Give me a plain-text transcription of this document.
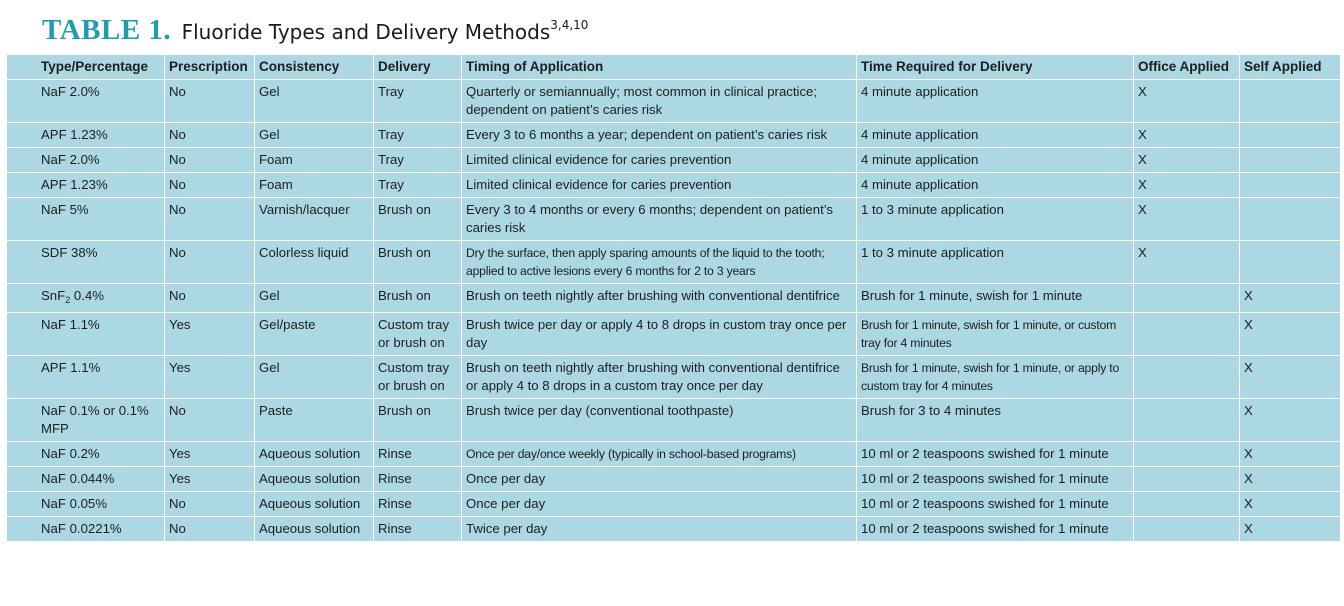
TABLE 1. Fluoride Types and Delivery Methods$^{3,4,10}$
Type/Percentage	Prescription	Consistency	Delivery	Timing of Application	Time Required for Delivery	Office Applied	Self Applied
NaF 2.0%	No	Gel	Tray	Quarterly or semiannually; most common in clinical practice; dependent on patient’s caries risk	4 minute application	X	
APF 1.23%	No	Gel	Tray	Every 3 to 6 months a year; dependent on patient’s caries risk	4 minute application	X	
NaF 2.0%	No	Foam	Tray	Limited clinical evidence for caries prevention	4 minute application	X	
APF 1.23%	No	Foam	Tray	Limited clinical evidence for caries prevention	4 minute application	X	
NaF 5%	No	Varnish/lacquer	Brush on	Every 3 to 4 months or every 6 months; dependent on patient’s caries risk	1 to 3 minute application	X	
SDF 38%	No	Colorless liquid	Brush on	Dry the surface, then apply sparing amounts of the liquid to the tooth; applied to active lesions every 6 months for 2 to 3 years	1 to 3 minute application	X	
SnF$_2$ 0.4%	No	Gel	Brush on	Brush on teeth nightly after brushing with conventional dentifrice	Brush for 1 minute, swish for 1 minute		X
NaF 1.1%	Yes	Gel/paste	Custom tray or brush on	Brush twice per day or apply 4 to 8 drops in custom tray once per day	Brush for 1 minute, swish for 1 minute, or custom tray for 4 minutes		X
APF 1.1%	Yes	Gel	Custom tray or brush on	Brush on teeth nightly after brushing with conventional dentifrice or apply 4 to 8 drops in a custom tray once per day	Brush for 1 minute, swish for 1 minute, or apply to custom tray for 4 minutes		X
NaF 0.1% or 0.1% MFP	No	Paste	Brush on	Brush twice per day (conventional toothpaste)	Brush for 3 to 4 minutes		X
NaF 0.2%	Yes	Aqueous solution	Rinse	Once per day/once weekly (typically in school-based programs)	10 ml or 2 teaspoons swished for 1 minute		X
NaF 0.044%	Yes	Aqueous solution	Rinse	Once per day	10 ml or 2 teaspoons swished for 1 minute		X
NaF 0.05%	No	Aqueous solution	Rinse	Once per day	10 ml or 2 teaspoons swished for 1 minute		X
NaF 0.0221%	No	Aqueous solution	Rinse	Twice per day	10 ml or 2 teaspoons swished for 1 minute		X
